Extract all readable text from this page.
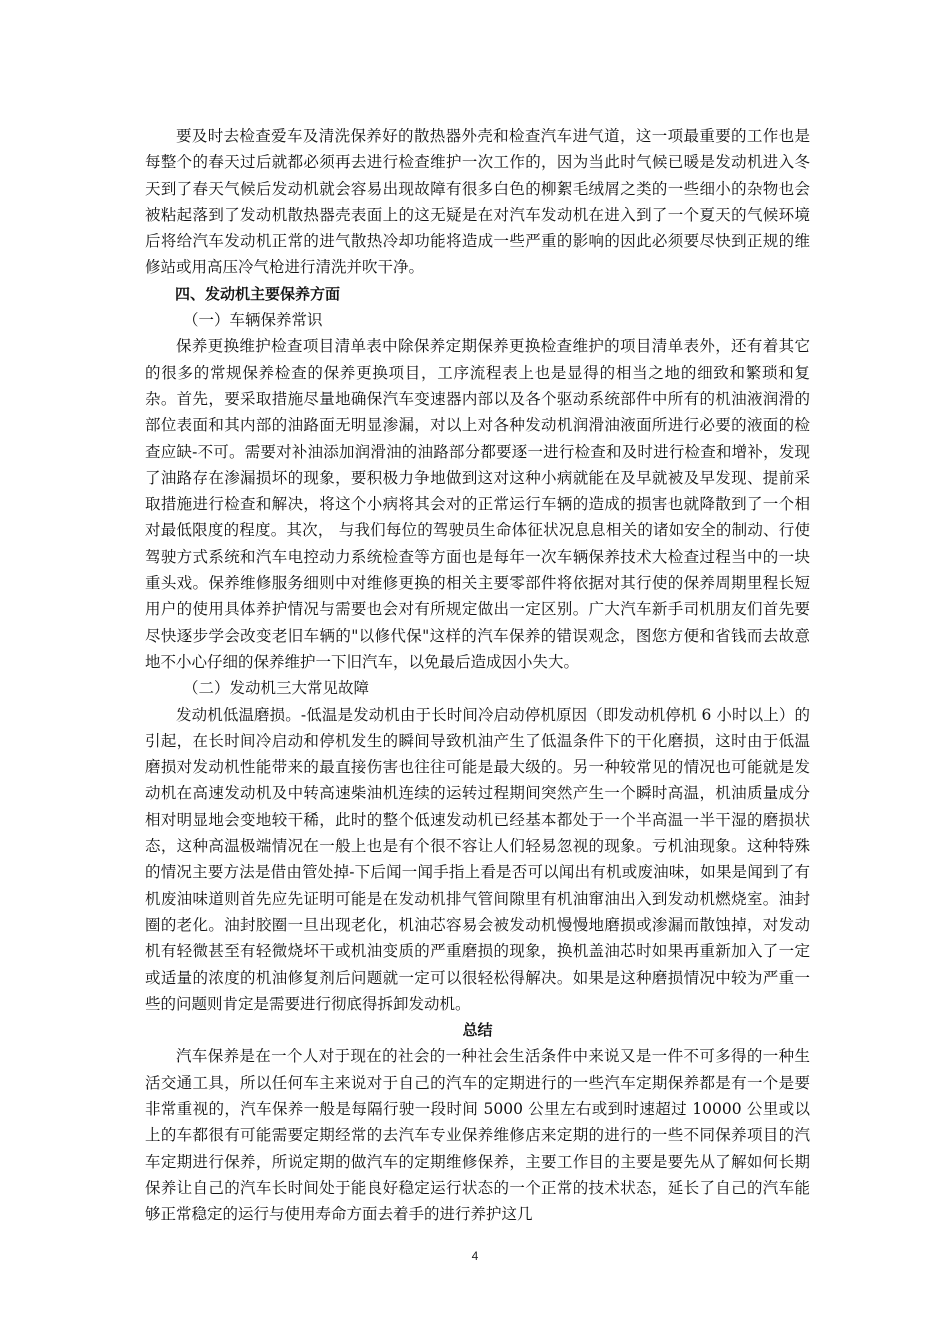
要及时去检查爱车及清洗保养好的散热器外壳和检查汽车进气道，这一项最重要的工作也是每整个的春天过后就都必须再去进行检查维护一次工作的，因为当此时气候已暖是发动机进入冬天到了春天气候后发动机就会容易出现故障有很多白色的柳絮毛绒屑之类的一些细小的杂物也会被粘起落到了发动机散热器壳表面上的这无疑是在对汽车发动机在进入到了一个夏天的气候环境后将给汽车发动机正常的进气散热冷却功能将造成一些严重的影响的因此必须要尽快到正规的维修站或用高压冷气枪进行清洗并吹干净。

四、发动机主要保养方面

（一）车辆保养常识

保养更换维护检查项目清单表中除保养定期保养更换检查维护的项目清单表外，还有着其它的很多的常规保养检查的保养更换项目，工序流程表上也是显得的相当之地的细致和繁琐和复杂。首先，要采取措施尽量地确保汽车变速器内部以及各个驱动系统部件中所有的机油液润滑的部位表面和其内部的油路面无明显渗漏，对以上对各种发动机润滑油液面所进行必要的液面的检查应缺-不可。需要对补油添加润滑油的油路部分都要逐一进行检查和及时进行检查和增补，发现了油路存在渗漏损坏的现象，要积极力争地做到这对这种小病就能在及早就被及早发现、提前采取措施进行检查和解决，将这个小病将其会对的正常运行车辆的造成的损害也就降散到了一个相对最低限度的程度。其次， 与我们每位的驾驶员生命体征状况息息相关的诸如安全的制动、行使驾驶方式系统和汽车电控动力系统检查等方面也是每年一次车辆保养技术大检查过程当中的一块重头戏。保养维修服务细则中对维修更换的相关主要零部件将依据对其行使的保养周期里程长短用户的使用具体养护情况与需要也会对有所规定做出一定区别。广大汽车新手司机朋友们首先要尽快逐步学会改变老旧车辆的"以修代保"这样的汽车保养的错误观念，图您方便和省钱而去故意地不小心仔细的保养维护一下旧汽车，以免最后造成因小失大。

（二）发动机三大常见故障

发动机低温磨损。-低温是发动机由于长时间冷启动停机原因（即发动机停机 6 小时以上）的引起，在长时间冷启动和停机发生的瞬间导致机油产生了低温条件下的干化磨损，这时由于低温磨损对发动机性能带来的最直接伤害也往往可能是最大级的。另一种较常见的情况也可能就是发动机在高速发动机及中转高速柴油机连续的运转过程期间突然产生一个瞬时高温，机油质量成分相对明显地会变地较干稀，此时的整个低速发动机已经基本都处于一个半高温一半干湿的磨损状态，这种高温极端情况在一般上也是有个很不容让人们轻易忽视的现象。亏机油现象。这种特殊的情况主要方法是借由管处掉-下后闻一闻手指上看是否可以闻出有机或废油味，如果是闻到了有机废油味道则首先应先证明可能是在发动机排气管间隙里有机油窜油出入到发动机燃烧室。油封圈的老化。油封胶圈一旦出现老化，机油芯容易会被发动机慢慢地磨损或渗漏而散蚀掉，对发动机有轻微甚至有轻微烧坏干或机油变质的严重磨损的现象，换机盖油芯时如果再重新加入了一定或适量的浓度的机油修复剂后问题就一定可以很轻松得解决。如果是这种磨损情况中较为严重一些的问题则肯定是需要进行彻底得拆卸发动机。

总结

汽车保养是在一个人对于现在的社会的一种社会生活条件中来说又是一件不可多得的一种生活交通工具，所以任何车主来说对于自己的汽车的定期进行的一些汽车定期保养都是有一个是要非常重视的，汽车保养一般是每隔行驶一段时间 5000 公里左右或到时速超过 10000 公里或以上的车都很有可能需要定期经常的去汽车专业保养维修店来定期的进行的一些不同保养项目的汽车定期进行保养，所说定期的做汽车的定期维修保养，主要工作目的主要是要先从了解如何长期保养让自己的汽车长时间处于能良好稳定运行状态的一个正常的技术状态，延长了自己的汽车能够正常稳定的运行与使用寿命方面去着手的进行养护这几

4
